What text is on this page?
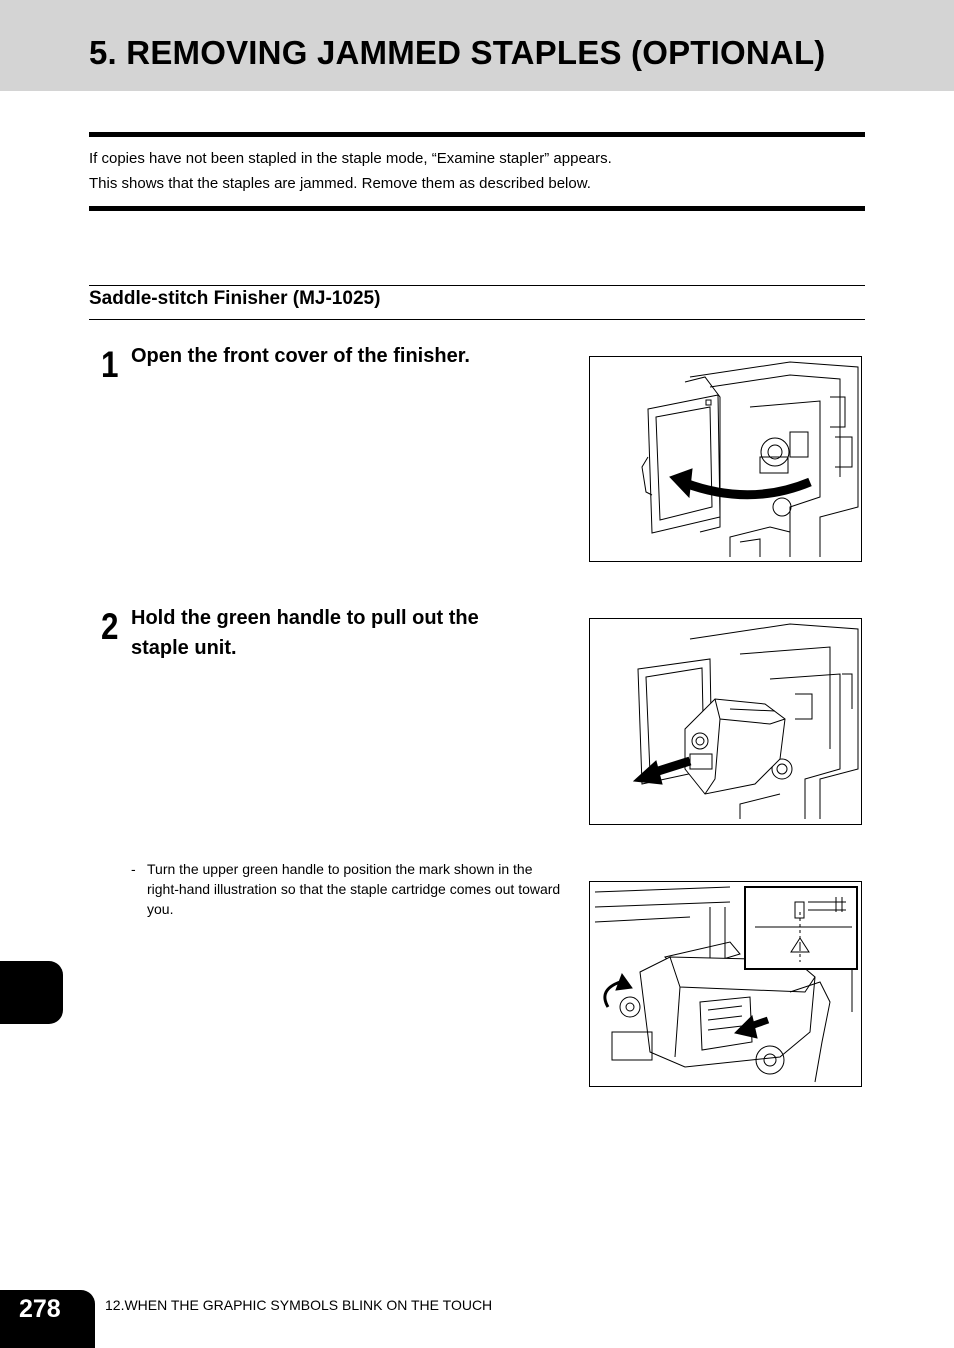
5. REMOVING JAMMED STAPLES (OPTIONAL)

If copies have not been stapled in the staple mode, “Examine stapler” appears.

This shows that the staples are jammed. Remove them as described below.

Saddle-stitch Finisher (MJ-1025)
1 Open the front cover of the finisher.
2 Hold the green handle to pull out the
staple unit.
- Turn the upper green handle to position the mark shown in the right-hand illustration so that the staple cartridge comes out toward you.
278	12.WHEN THE GRAPHIC SYMBOLS BLINK ON THE TOUCH
